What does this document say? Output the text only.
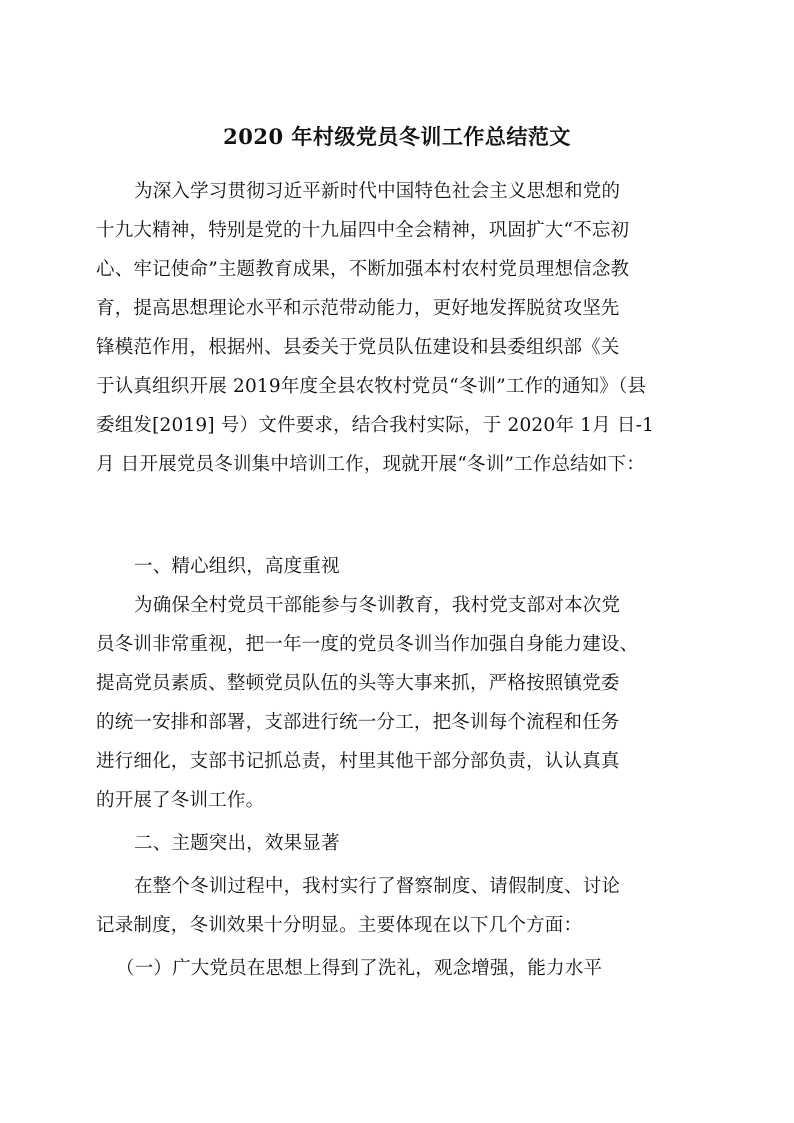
2020 年村级党员冬训工作总结范文
为深入学习贯彻习近平新时代中国特色社会主义思想和党的
十九大精神，特别是党的十九届四中全会精神，巩固扩大“不忘初
心、牢记使命”主题教育成果，不断加强本村农村党员理想信念教
育，提高思想理论水平和示范带动能力，更好地发挥脱贫攻坚先
锋模范作用，根据州、县委关于党员队伍建设和县委组织部《关
于认真组织开展 2019年度全县农牧村党员“冬训”工作的通知》（县
委组发[2019] 号）文件要求，结合我村实际，于 2020年 1月 日-1
月 日开展党员冬训集中培训工作，现就开展“冬训”工作总结如下：
一、精心组织，高度重视
为确保全村党员干部能参与冬训教育，我村党支部对本次党
员冬训非常重视，把一年一度的党员冬训当作加强自身能力建设、
提高党员素质、整顿党员队伍的头等大事来抓，严格按照镇党委
的统一安排和部署，支部进行统一分工，把冬训每个流程和任务
进行细化，支部书记抓总责，村里其他干部分部负责，认认真真
的开展了冬训工作。
二、主题突出，效果显著
在整个冬训过程中，我村实行了督察制度、请假制度、讨论
记录制度，冬训效果十分明显。主要体现在以下几个方面：
（一）广大党员在思想上得到了洗礼，观念增强，能力水平
